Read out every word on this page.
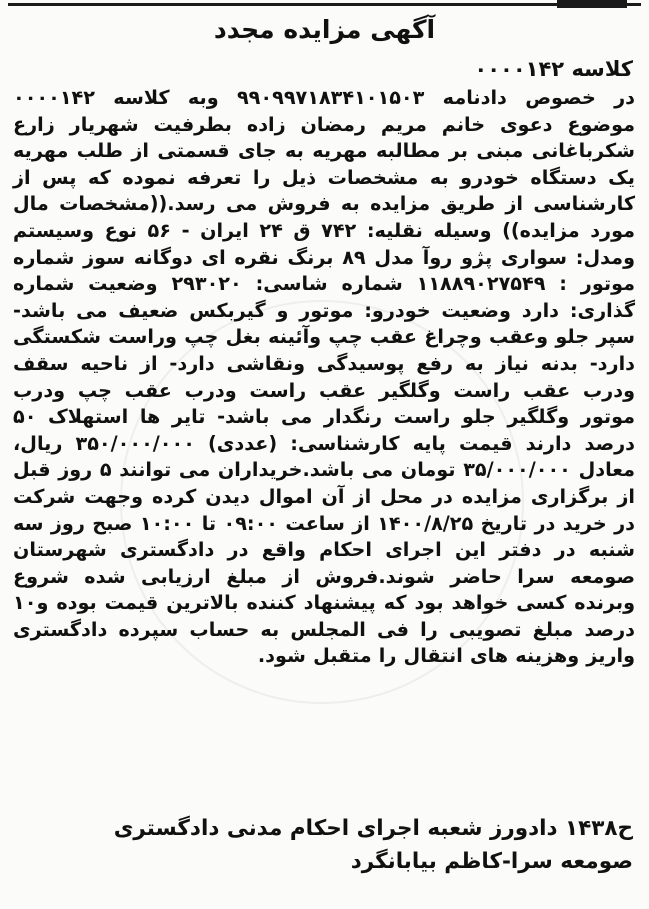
آگهی مزایده مجدد
کلاسه ۰۰۰۰۱۴۲
در خصوص دادنامه ۹۹۰۹۹۷۱۸۳۴۱۰۱۵۰۳ وبه کلاسه ۰۰۰۰۱۴۲ موضوع دعوی خانم مریم رمضان زاده بطرفیت شهریار زارع شکرباغانی مبنی بر مطالبه مهریه به جای قسمتی از طلب مهریه یک دستگاه خودرو به مشخصات ذیل را تعرفه نموده که پس از کارشناسی از طریق مزایده به فروش می رسد.((مشخصات مال مورد مزایده)) وسیله نقلیه: ۷۴۲ ق ۲۴ ایران - ۵۶ نوع وسیستم ومدل: سواری پژو روآ مدل ۸۹ برنگ نقره ای دوگانه سوز شماره موتور : ۱۱۸۸۹۰۲۷۵۴۹ شماره شاسی: ۲۹۳۰۲۰ وضعیت شماره گذاری: دارد وضعیت خودرو: موتور و گیربکس ضعیف می باشد- سپر جلو وعقب وچراغ عقب چپ وآئینه بغل چپ وراست شکستگی دارد- بدنه نیاز به رفع پوسیدگی ونقاشی دارد- از ناحیه سقف ودرب عقب راست وگلگیر عقب راست ودرب عقب چپ ودرب موتور وگلگیر جلو راست رنگدار می باشد- تایر ها استهلاک ۵۰ درصد دارند قیمت پایه کارشناسی: (عددی) ۳۵۰/۰۰۰/۰۰۰ ریال، معادل ۳۵/۰۰۰/۰۰۰ تومان می باشد.خریداران می توانند ۵ روز قبل از برگزاری مزایده در محل از آن اموال دیدن کرده وجهت شرکت در خرید در تاریخ ۱۴۰۰/۸/۲۵ از ساعت ۰۹:۰۰ تا ۱۰:۰۰ صبح روز سه شنبه در دفتر این اجرای احکام واقع در دادگستری شهرستان صومعه سرا حاضر شوند.فروش از مبلغ ارزیابی شده شروع وبرنده کسی خواهد بود که پیشنهاد کننده بالاترین قیمت بوده و۱۰ درصد مبلغ تصویبی را فی المجلس به حساب سپرده دادگستری واریز وهزینه های انتقال را متقبل شود.
ح۱۴۳۸ دادورز شعبه اجرای احکام مدنی دادگستری
صومعه سرا-کاظم بیابانگرد
